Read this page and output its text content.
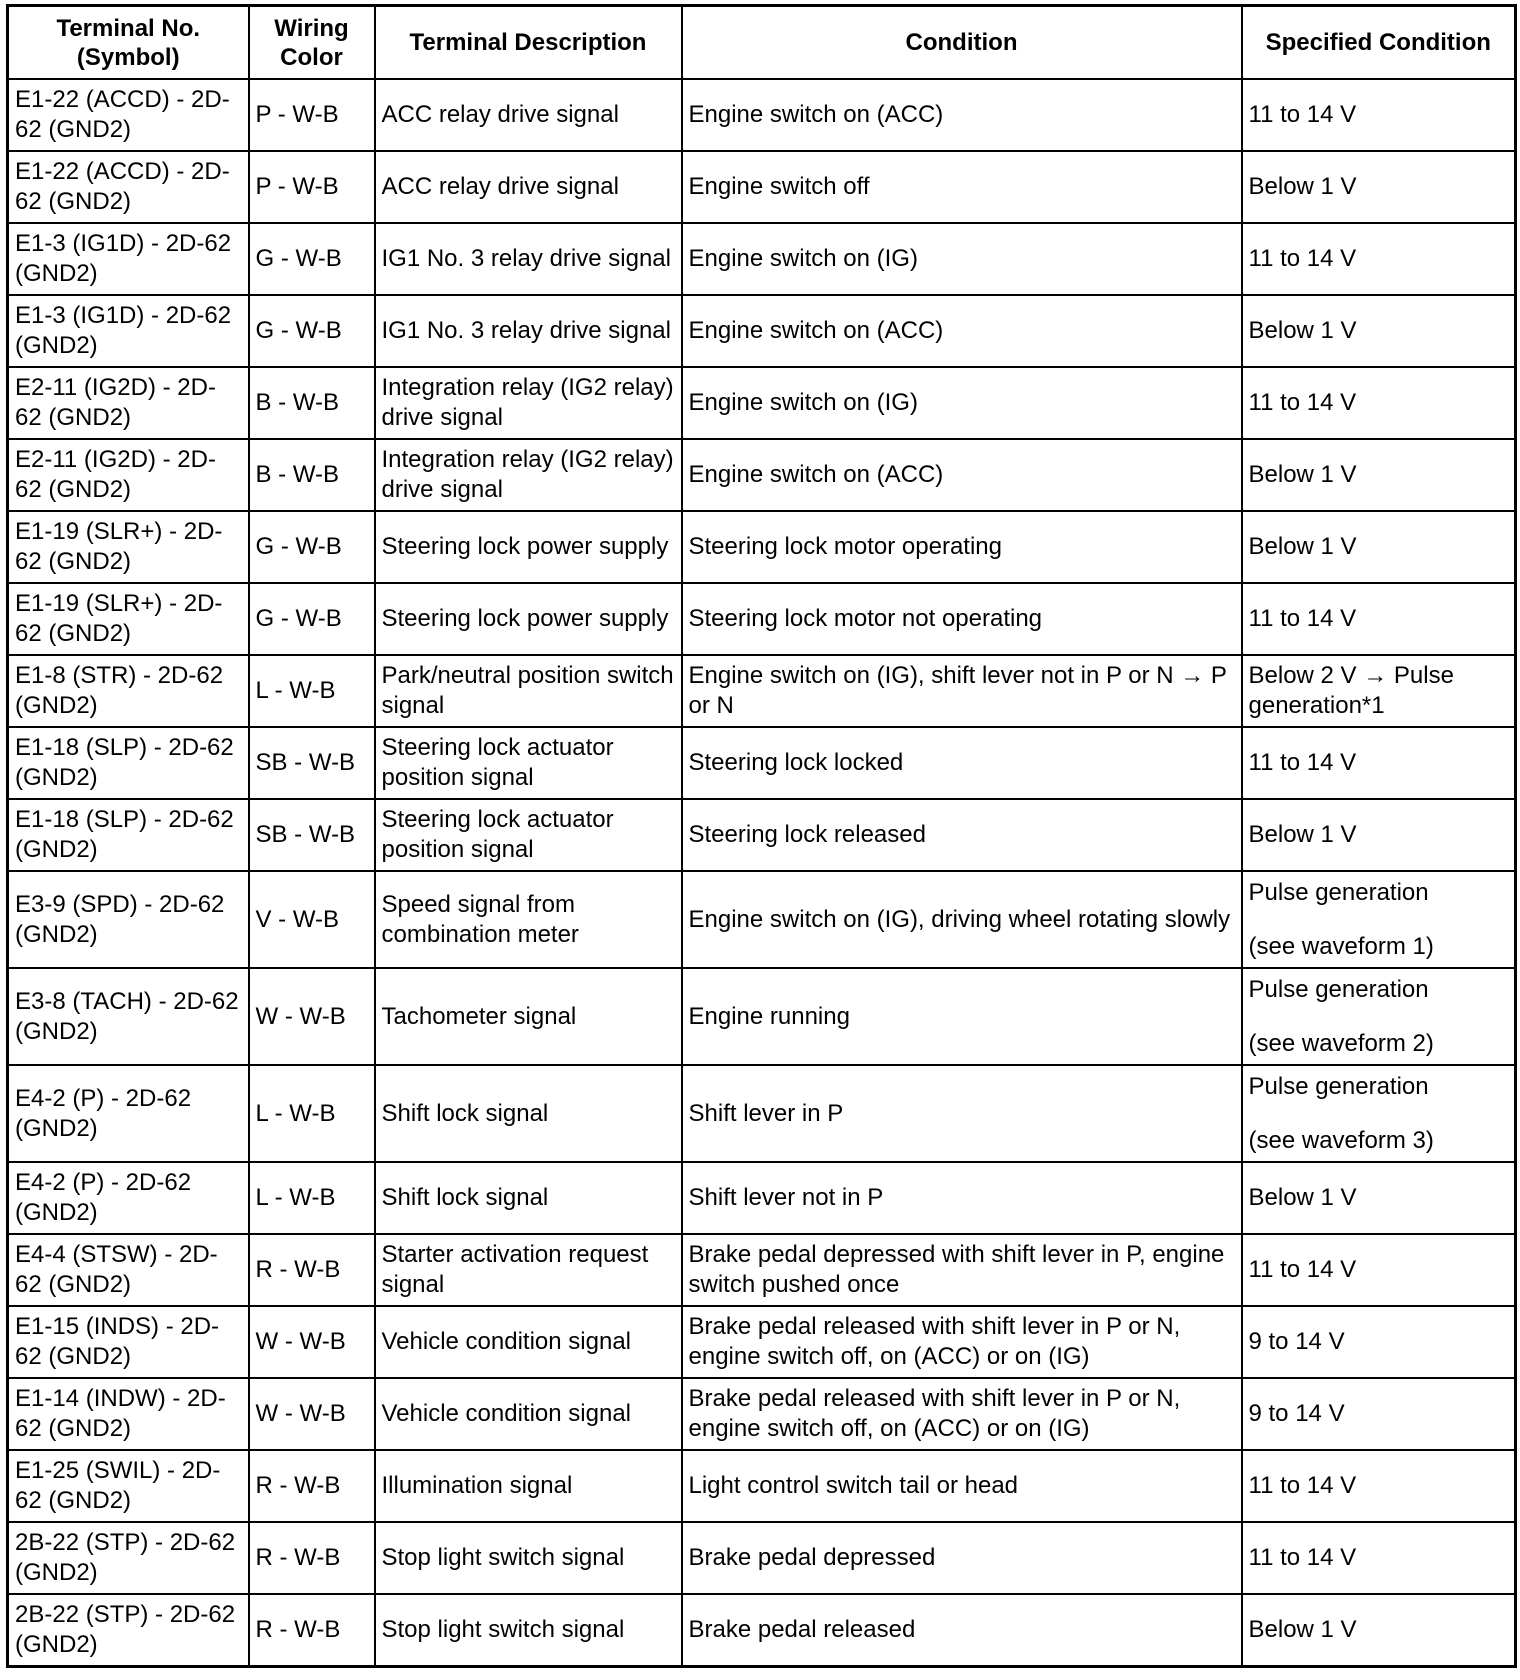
Terminal No. (Symbol)	Wiring Color	Terminal Description	Condition	Specified Condition
E1-22 (ACCD) - 2D-62 (GND2)	P - W-B	ACC relay drive signal	Engine switch on (ACC)	11 to 14 V
E1-22 (ACCD) - 2D-62 (GND2)	P - W-B	ACC relay drive signal	Engine switch off	Below 1 V
E1-3 (IG1D) - 2D-62 (GND2)	G - W-B	IG1 No. 3 relay drive signal	Engine switch on (IG)	11 to 14 V
E1-3 (IG1D) - 2D-62 (GND2)	G - W-B	IG1 No. 3 relay drive signal	Engine switch on (ACC)	Below 1 V
E2-11 (IG2D) - 2D-62 (GND2)	B - W-B	Integration relay (IG2 relay) drive signal	Engine switch on (IG)	11 to 14 V
E2-11 (IG2D) - 2D-62 (GND2)	B - W-B	Integration relay (IG2 relay) drive signal	Engine switch on (ACC)	Below 1 V
E1-19 (SLR+) - 2D-62 (GND2)	G - W-B	Steering lock power supply	Steering lock motor operating	Below 1 V
E1-19 (SLR+) - 2D-62 (GND2)	G - W-B	Steering lock power supply	Steering lock motor not operating	11 to 14 V
E1-8 (STR) - 2D-62 (GND2)	L - W-B	Park/neutral position switch signal	Engine switch on (IG), shift lever not in P or N → P or N	Below 2 V → Pulse generation*1
E1-18 (SLP) - 2D-62 (GND2)	SB - W-B	Steering lock actuator position signal	Steering lock locked	11 to 14 V
E1-18 (SLP) - 2D-62 (GND2)	SB - W-B	Steering lock actuator position signal	Steering lock released	Below 1 V
E3-9 (SPD) - 2D-62 (GND2)	V - W-B	Speed signal from combination meter	Engine switch on (IG), driving wheel rotating slowly	Pulse generation
(see waveform 1)

E3-8 (TACH) - 2D-62 (GND2)	W - W-B	Tachometer signal	Engine running	Pulse generation
(see waveform 2)

E4-2 (P) - 2D-62 (GND2)	L - W-B	Shift lock signal	Shift lever in P	Pulse generation
(see waveform 3)

E4-2 (P) - 2D-62 (GND2)	L - W-B	Shift lock signal	Shift lever not in P	Below 1 V
E4-4 (STSW) - 2D-62 (GND2)	R - W-B	Starter activation request signal	Brake pedal depressed with shift lever in P, engine switch pushed once	11 to 14 V
E1-15 (INDS) - 2D-62 (GND2)	W - W-B	Vehicle condition signal	Brake pedal released with shift lever in P or N, engine switch off, on (ACC) or on (IG)	9 to 14 V
E1-14 (INDW) - 2D-62 (GND2)	W - W-B	Vehicle condition signal	Brake pedal released with shift lever in P or N, engine switch off, on (ACC) or on (IG)	9 to 14 V
E1-25 (SWIL) - 2D-62 (GND2)	R - W-B	Illumination signal	Light control switch tail or head	11 to 14 V
2B-22 (STP) - 2D-62 (GND2)	R - W-B	Stop light switch signal	Brake pedal depressed	11 to 14 V
2B-22 (STP) - 2D-62 (GND2)	R - W-B	Stop light switch signal	Brake pedal released	Below 1 V
